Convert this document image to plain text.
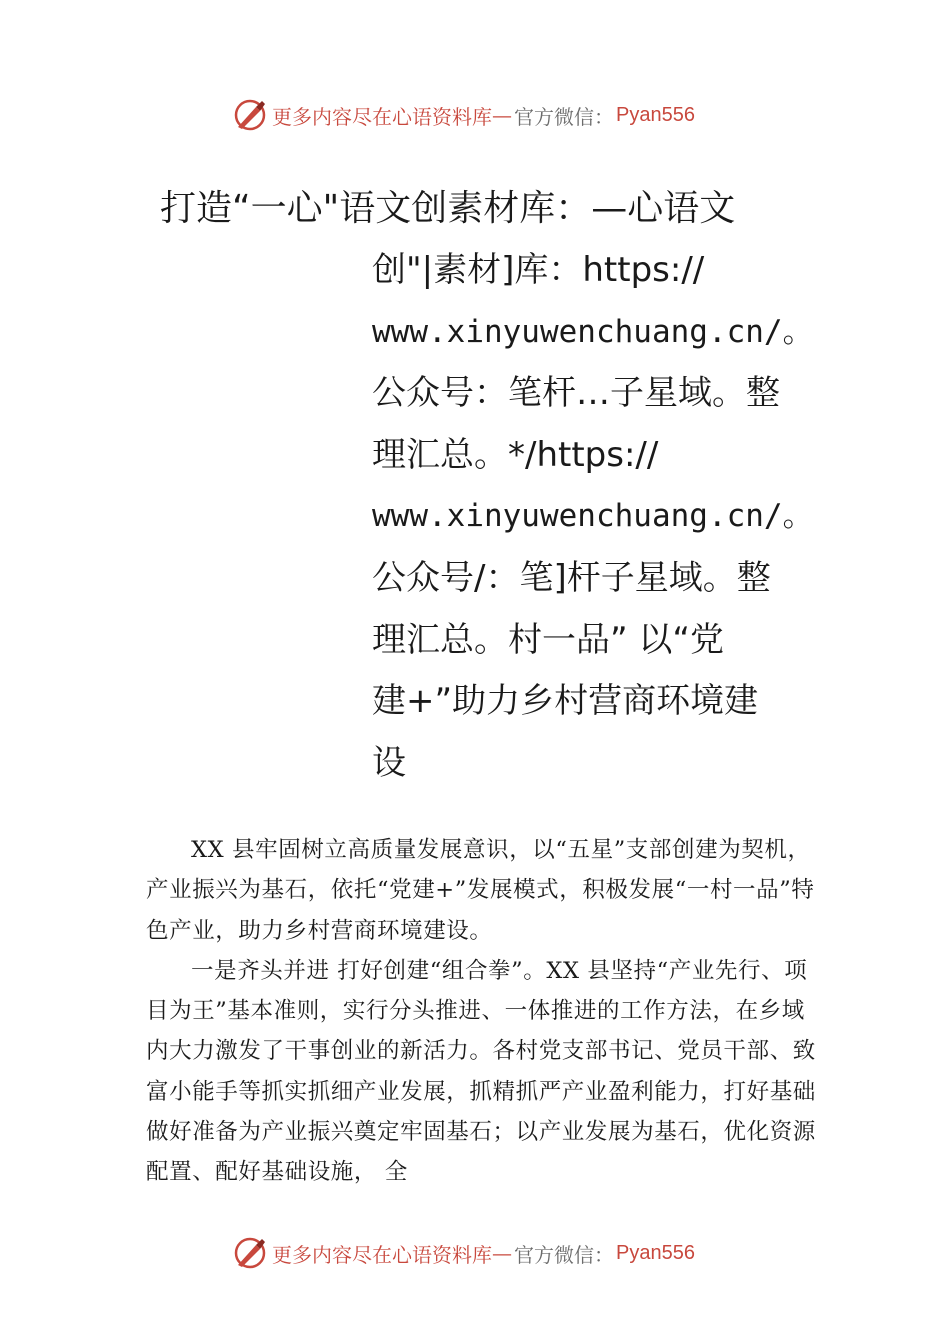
更多内容尽在心语资料库 — 官方微信： Pyan556
打造“一心"语文创素材库：—心语文
创"|素材]库：https://
www.xinyuwenchuang.cn/。
公众号：笔杆…子星域。整
理汇总。*/https://
www.xinyuwenchuang.cn/。
公众号/：笔]杆子星域。整
理汇总。村一品” 以“党
建+”助力乡村营商环境建
设

XX 县牢固树立高质量发展意识，以“五星”支部创建为契机，产业振兴为基石，依托“党建+”发展模式，积极发展“一村一品”特色产业，助力乡村营商环境建设。

一是齐头并进 打好创建“组合拳”。XX 县坚持“产业先行、项目为王”基本准则，实行分头推进、一体推进的工作方法，在乡域内大力激发了干事创业的新活力。各村党支部书记、党员干部、致富小能手等抓实抓细产业发展，抓精抓严产业盈利能力，打好基础做好准备为产业振兴奠定牢固基石；以产业发展为基石，优化资源配置、配好基础设施， 全

更多内容尽在心语资料库 — 官方微信： Pyan556
